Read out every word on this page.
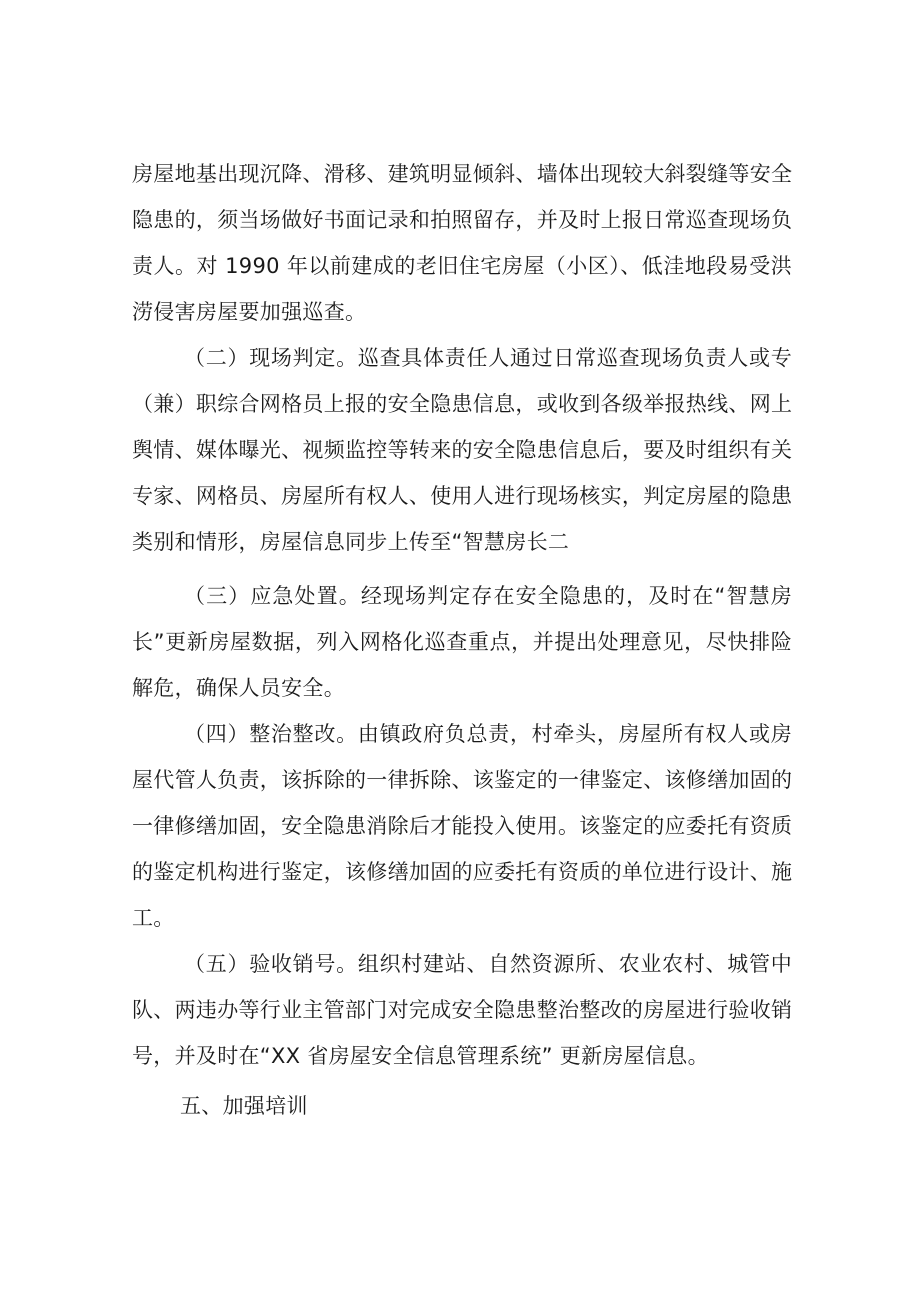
房屋地基出现沉降、滑移、建筑明显倾斜、墙体出现较大斜裂缝等安全

隐患的，须当场做好书面记录和拍照留存，并及时上报日常巡查现场负

责人。对 1990 年以前建成的老旧住宅房屋（小区）、低洼地段易受洪

涝侵害房屋要加强巡查。

（二）现场判定。巡查具体责任人通过日常巡查现场负责人或专

（兼）职综合网格员上报的安全隐患信息，或收到各级举报热线、网上

舆情、媒体曝光、视频监控等转来的安全隐患信息后，要及时组织有关

专家、网格员、房屋所有权人、使用人进行现场核实，判定房屋的隐患

类别和情形，房屋信息同步上传至“智慧房长二

（三）应急处置。经现场判定存在安全隐患的，及时在“智慧房

长”更新房屋数据，列入网格化巡查重点，并提出处理意见，尽快排险

解危，确保人员安全。

（四）整治整改。由镇政府负总责，村牵头，房屋所有权人或房

屋代管人负责，该拆除的一律拆除、该鉴定的一律鉴定、该修缮加固的

一律修缮加固，安全隐患消除后才能投入使用。该鉴定的应委托有资质

的鉴定机构进行鉴定，该修缮加固的应委托有资质的单位进行设计、施

工。

（五）验收销号。组织村建站、自然资源所、农业农村、城管中

队、两违办等行业主管部门对完成安全隐患整治整改的房屋进行验收销

号，并及时在“XX 省房屋安全信息管理系统” 更新房屋信息。

五、加强培训
